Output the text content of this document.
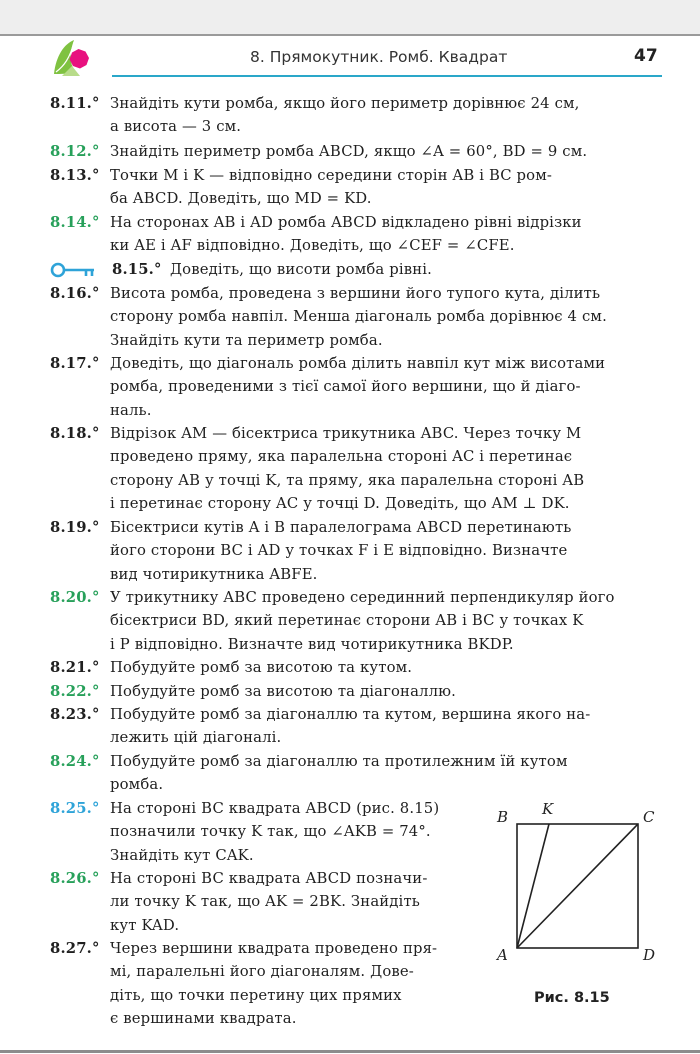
8. Прямокутник. Ромб. Квадрат	47
8.11.° Знайдіть кути ромба, якщо його периметр дорівнює 24 см,
а висота — 3 см.
8.12.° Знайдіть периметр ромба ABCD, якщо ∠A = 60°, BD = 9 см.
8.13.° Точки M і K — відповідно середини сторін AB і BC ром-
ба ABCD. Доведіть, що MD = KD.
8.14.° На сторонах AB і AD ромба ABCD відкладено рівні відрізки
ки AE і AF відповідно. Доведіть, що ∠CEF = ∠CFE.
8.15.° Доведіть, що висоти ромба рівні.
8.16.° Висота ромба, проведена з вершини його тупого кута, ділить
сторону ромба навпіл. Менша діагональ ромба дорівнює 4 см.
Знайдіть кути та периметр ромба.
8.17.° Доведіть, що діагональ ромба ділить навпіл кут між висотами
ромба, проведеними з тієї самої його вершини, що й діаго-
наль.
8.18.° Відрізок AM — бісектриса трикутника ABC. Через точку M
проведено пряму, яка паралельна стороні AC і перетинає
сторону AB у точці K, та пряму, яка паралельна стороні AB
і перетинає сторону AC у точці D. Доведіть, що AM ⊥ DK.
8.19.° Бісектриси кутів A і B паралелограма ABCD перетинають
його сторони BC і AD у точках F і E відповідно. Визначте
вид чотирикутника ABFE.
8.20.° У трикутнику ABC проведено серединний перпендикуляр його
бісектриси BD, який перетинає сторони AB і BC у точках K
і P відповідно. Визначте вид чотирикутника BKDP.
8.21.° Побудуйте ромб за висотою та кутом.
8.22.° Побудуйте ромб за висотою та діагоналлю.
8.23.° Побудуйте ромб за діагоналлю та кутом, вершина якого на-
лежить цій діагоналі.
8.24.° Побудуйте ромб за діагоналлю та протилежним їй кутом
ромба.
8.25.° На стороні BC квадрата ABCD (рис. 8.15)
позначили точку K так, що ∠AKB = 74°.
Знайдіть кут CAK.
8.26.° На стороні BC квадрата ABCD позначи-
ли точку K так, що AK = 2BK. Знайдіть
кут KAD.
8.27.° Через вершини квадрата проведено пря-
мі, паралельні його діагоналям. Дове-
діть, що точки перетину цих прямих
є вершинами квадрата.
B K	C
A	D
Рис. 8.15
